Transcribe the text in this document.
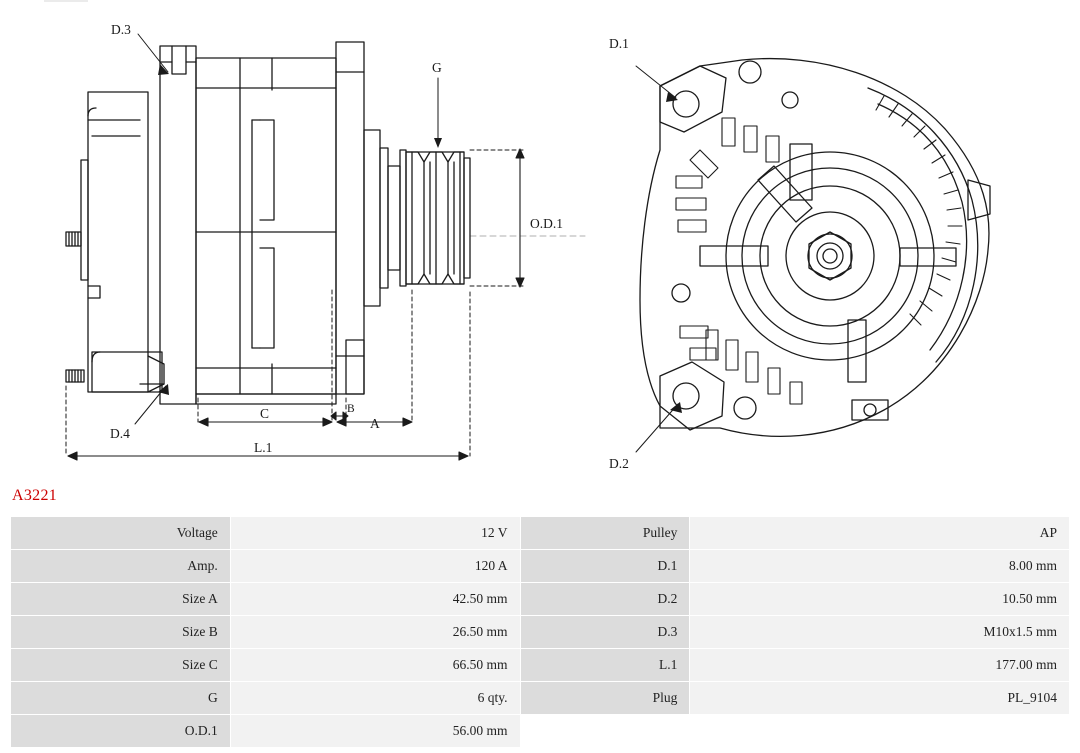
D.3
D.4
G
O.D.1
A
B
C
L.1
D.1
D.2
A3221
Voltage	12 V	Pulley	AP
Amp.	120 A	D.1	8.00 mm
Size A	42.50 mm	D.2	10.50 mm
Size B	26.50 mm	D.3	M10x1.5 mm
Size C	66.50 mm	L.1	177.00 mm
G	6 qty.	Plug	PL_9104
O.D.1	56.00 mm		
